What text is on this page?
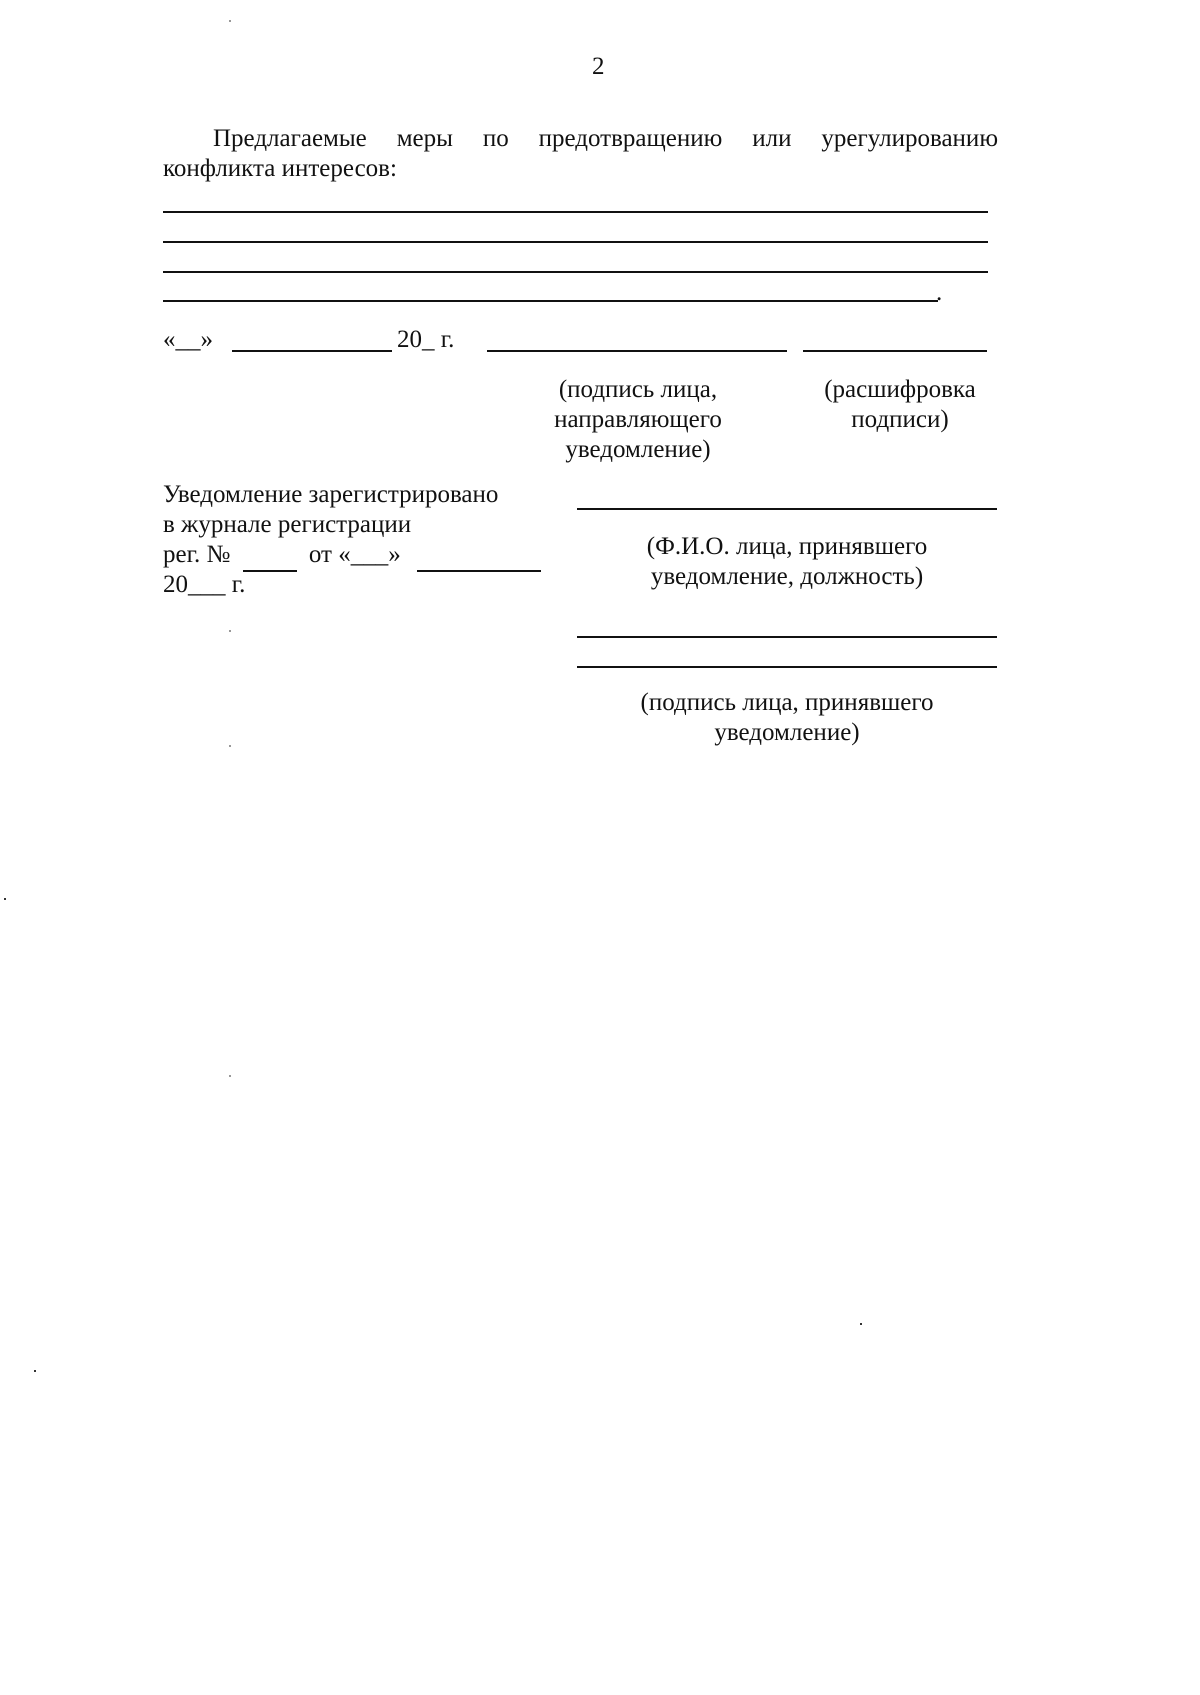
2
Предлагаемые меры по предотвращению или урегулированию конфликта интересов:
.
«__»	20_ г.
(подпись лица,
направляющего
уведомление)
(расшифровка
подписи)
Уведомление зарегистрировано
в журнале регистрации
рег. №	от «___»
20___ г.
(Ф.И.О. лица, принявшего
уведомление, должность)
(подпись лица, принявшего
уведомление)
